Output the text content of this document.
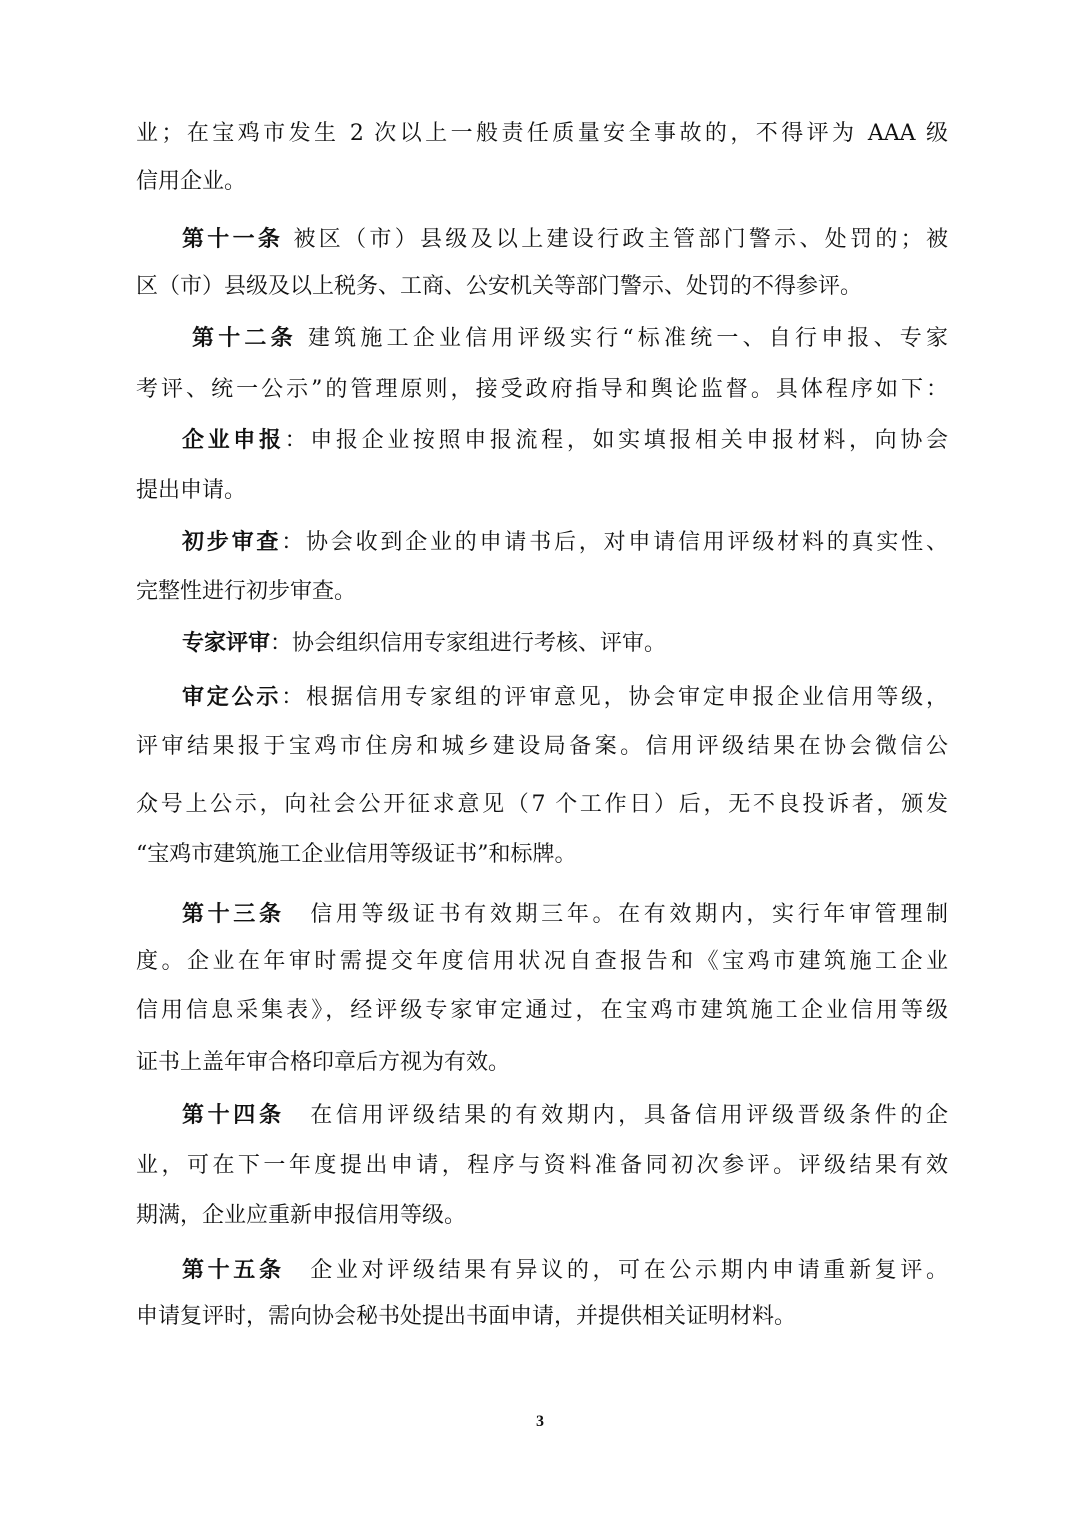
业；在宝鸡市发生 2 次以上一般责任质量安全事故的，不得评为 AAA 级
信用企业。
第十一条 被区（市）县级及以上建设行政主管部门警示、处罚的；被
区（市）县级及以上税务、工商、公安机关等部门警示、处罚的不得参评。
第十二条 建筑施工企业信用评级实行“标准统一、自行申报、专家
考评、统一公示”的管理原则，接受政府指导和舆论监督。具体程序如下：
企业申报：申报企业按照申报流程，如实填报相关申报材料，向协会
提出申请。
初步审查：协会收到企业的申请书后，对申请信用评级材料的真实性、
完整性进行初步审查。
专家评审：协会组织信用专家组进行考核、评审。
审定公示：根据信用专家组的评审意见，协会审定申报企业信用等级，
评审结果报于宝鸡市住房和城乡建设局备案。信用评级结果在协会微信公
众号上公示，向社会公开征求意见（7 个工作日）后，无不良投诉者，颁发
“宝鸡市建筑施工企业信用等级证书”和标牌。
第十三条　信用等级证书有效期三年。在有效期内，实行年审管理制
度。企业在年审时需提交年度信用状况自查报告和《宝鸡市建筑施工企业
信用信息采集表》，经评级专家审定通过，在宝鸡市建筑施工企业信用等级
证书上盖年审合格印章后方视为有效。
第十四条　在信用评级结果的有效期内，具备信用评级晋级条件的企
业，可在下一年度提出申请，程序与资料准备同初次参评。评级结果有效
期满，企业应重新申报信用等级。
第十五条　企业对评级结果有异议的，可在公示期内申请重新复评。
申请复评时，需向协会秘书处提出书面申请，并提供相关证明材料。
3
